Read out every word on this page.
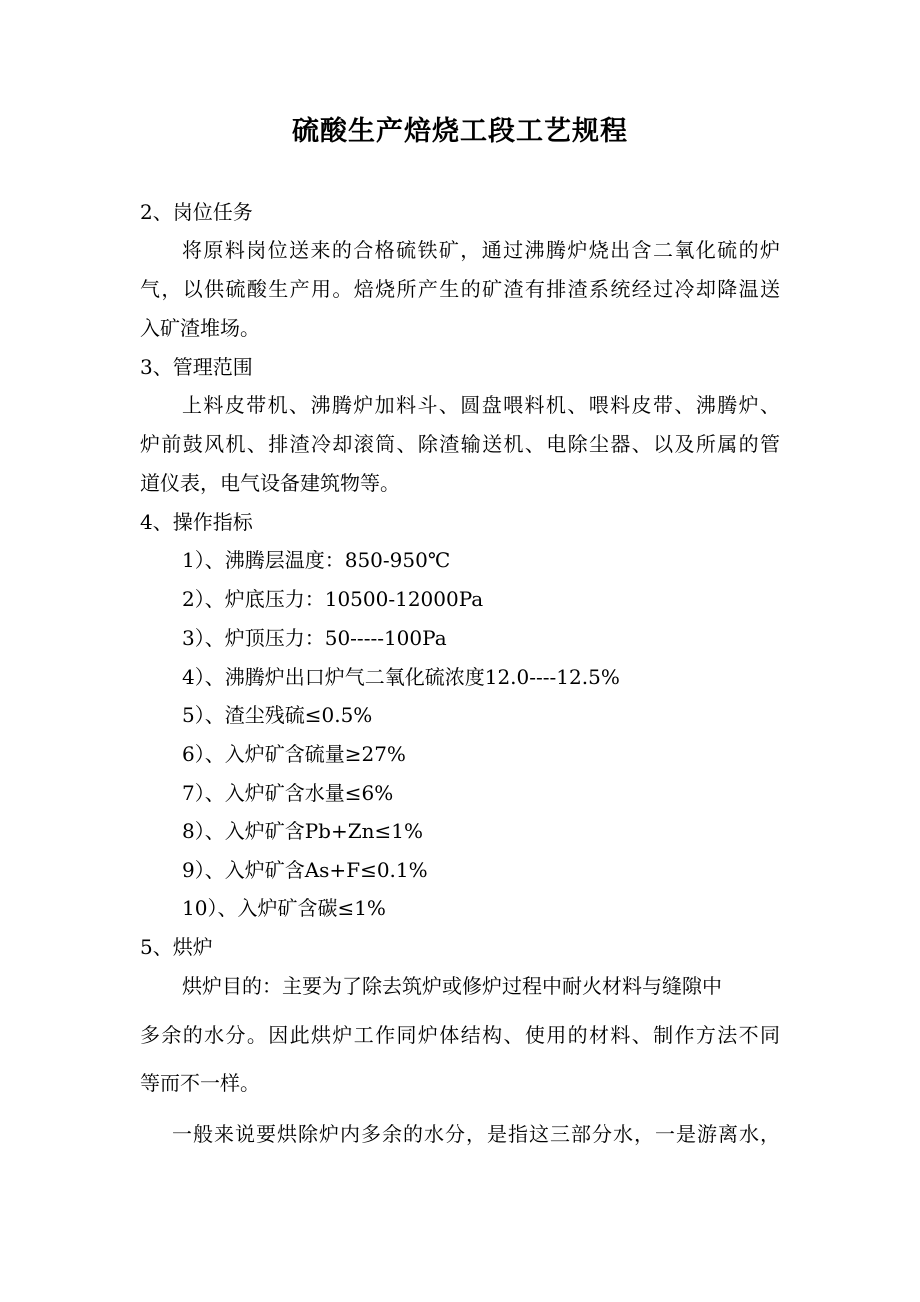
硫酸生产焙烧工段工艺规程
2、岗位任务
将原料岗位送来的合格硫铁矿，通过沸腾炉烧出含二氧化硫的炉
气，以供硫酸生产用。焙烧所产生的矿渣有排渣系统经过冷却降温送
入矿渣堆场。
3、管理范围
上料皮带机、沸腾炉加料斗、圆盘喂料机、喂料皮带、沸腾炉、
炉前鼓风机、排渣冷却滚筒、除渣输送机、电除尘器、以及所属的管
道仪表，电气设备建筑物等。
4、操作指标
1）、沸腾层温度：850-950℃
2）、炉底压力：10500-12000Pa
3）、炉顶压力：50-----100Pa
4）、沸腾炉出口炉气二氧化硫浓度12.0----12.5%
5）、渣尘残硫≤0.5%
6）、入炉矿含硫量≥27%
7）、入炉矿含水量≤6%
8）、入炉矿含Pb+Zn≤1%
9）、入炉矿含As+F≤0.1%
10）、入炉矿含碳≤1%
5、烘炉
烘炉目的：主要为了除去筑炉或修炉过程中耐火材料与缝隙中
多余的水分。因此烘炉工作同炉体结构、使用的材料、制作方法不同
等而不一样。
一般来说要烘除炉内多余的水分，是指这三部分水，一是游离水，
